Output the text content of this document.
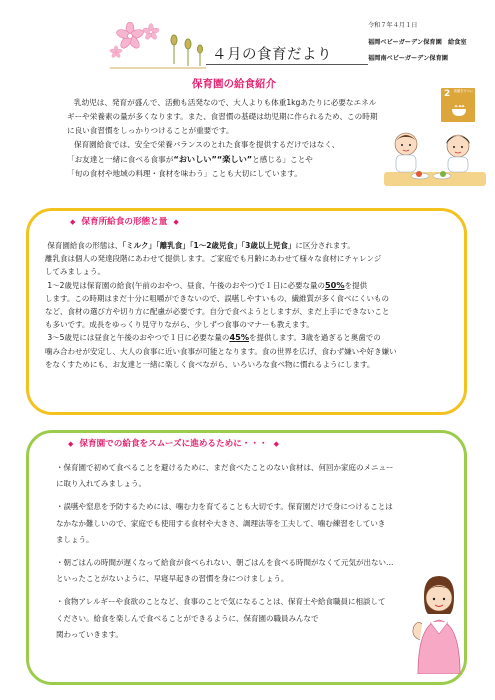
令和７年４月１日
福岡ベビーガーデン保育園　給食室
福岡南ベビーガーデン保育園
４月の食育だより
保育園の給食紹介
2 飢餓をゼロに
乳幼児は、発育が盛んで、活動も活発なので、大人よりも体重1kgあたりに必要なエネル
ギーや栄養素の量が多くなります。また、食習慣の基礎は幼児期に作られるため、この時期
に良い食習慣をしっかりつけることが重要です。
保育園給食では、安全で栄養バランスのとれた食事を提供するだけではなく、
「お友達と一緒に食べる食事が“おいしい”“楽しい”と感じる」ことや
「旬の食材や地域の料理・食材を味わう」ことも大切にしています。
◆ 保育所給食の形態と量 ◆
保育園給食の形態は、「ミルク」「離乳食」「1～2歳児食」「3歳以上児食」に区分されます。
離乳食は個人の発達段階にあわせて提供します。ご家庭でも月齢にあわせて様々な食材にチャレンジ
してみましょう。
1～2歳児は保育園の給食(午前のおやつ、昼食、午後のおやつ)で１日に必要な量の50%を提供
します。この時期はまだ十分に咀嚼ができないので、誤嚥しやすいもの、繊維質が多く食べにくいもの
など、食材の選び方や切り方に配慮が必要です。自分で食べようとしますが、まだ上手にできないこと
も多いです。成長をゆっくり見守りながら、少しずつ食事のマナーも教えます。
3～5歳児には昼食と午後のおやつで１日に必要な量の45%を提供します。3歳を過ぎると奥歯での
噛み合わせが安定し、大人の食事に近い食事が可能となります。食の世界を広げ、食わず嫌いや好き嫌い
をなくすためにも、お友達と一緒に楽しく食べながら、いろいろな食べ物に慣れるようにします。
◆ 保育園での給食をスムーズに進めるために・・・ ◆
・保育園で初めて食べることを避けるために、まだ食べたことのない食材は、何回か家庭のメニュー
に取り入れてみましょう。
・誤嚥や窒息を予防するためには、噛む力を育てることも大切です。保育園だけで身につけることは
なかなか難しいので、家庭でも使用する食材や大きさ、調理法等を工夫して、噛む練習をしていき
ましょう。
・朝ごはんの時間が遅くなって給食が食べられない、朝ごはんを食べる時間がなくて元気が出ない…
といったことがないように、早寝早起きの習慣を身につけましょう。
・食物アレルギーや食欲のことなど、食事のことで気になることは、保育士や給食職員に相談して
ください。給食を楽しんで食べることができるように、保育園の職員みんなで
関わっていきます。
